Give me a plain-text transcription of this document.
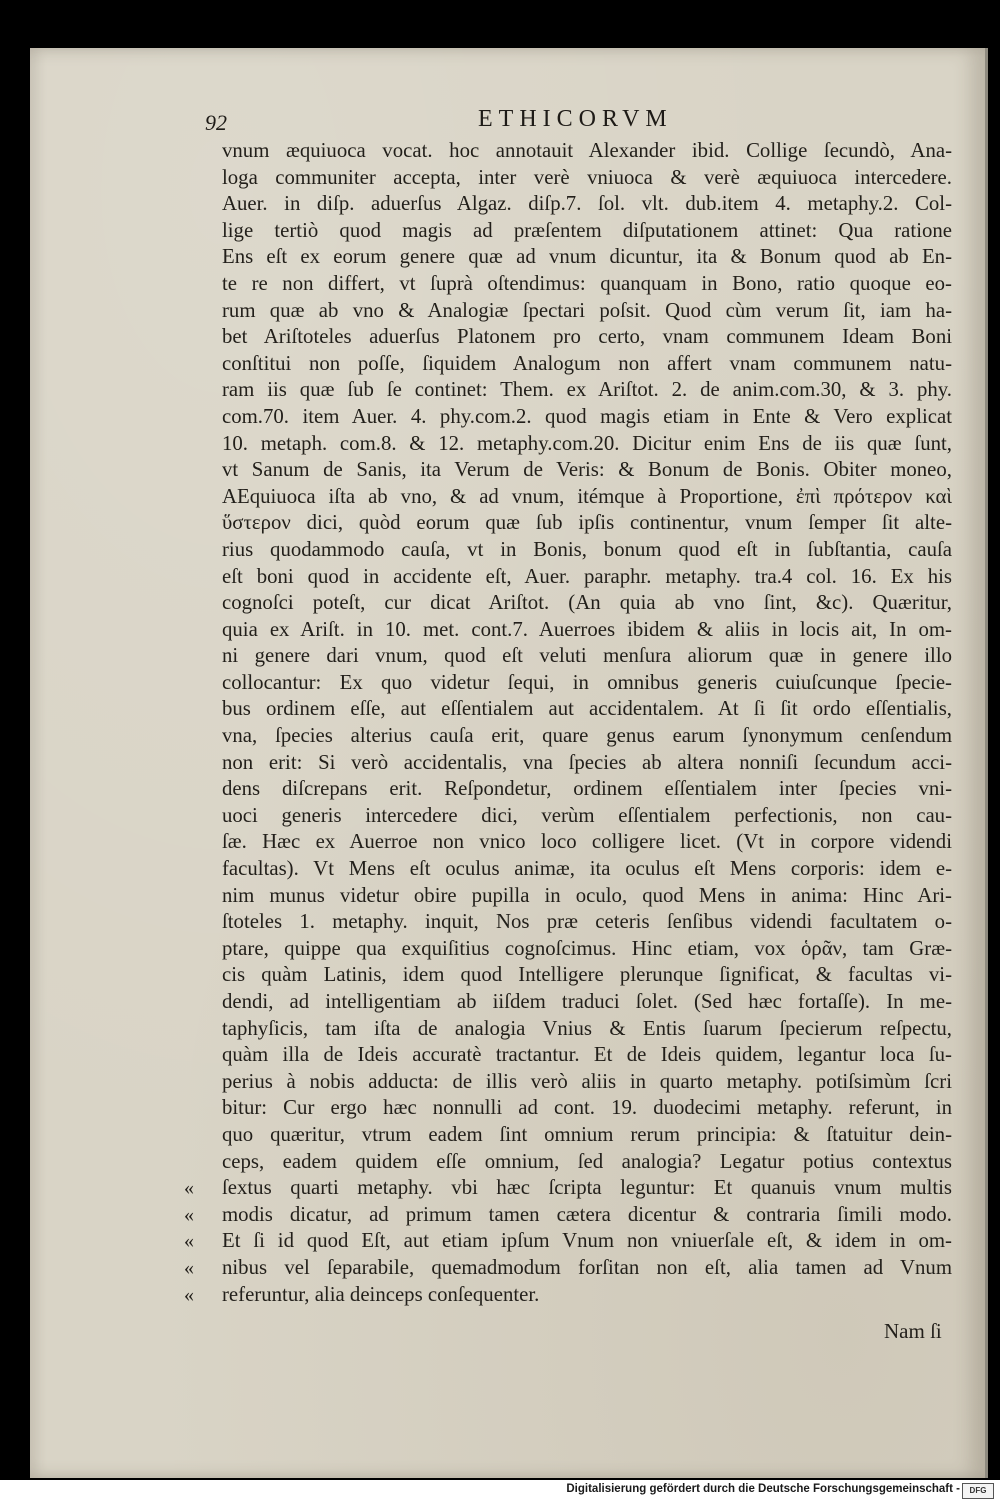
92	ETHICORVM
vnum æquiuoca vocat. hoc annotauit Alexander ibid. Collige ſecundò, Ana-
loga communiter accepta, inter verè vniuoca & verè æquiuoca intercedere.
Auer. in diſp. aduerſus Algaz. diſp.7. ſol. vlt. dub.item 4. metaphy.2. Col-
lige tertiò quod magis ad præſentem diſputationem attinet: Qua ratione
Ens eſt ex eorum genere quæ ad vnum dicuntur, ita & Bonum quod ab En-
te re non differt, vt ſuprà oſtendimus: quanquam in Bono, ratio quoque eo-
rum quæ ab vno & Analogiæ ſpectari poſsit. Quod cùm verum ſit, iam ha-
bet Ariſtoteles aduerſus Platonem pro certo, vnam communem Ideam Boni
conſtitui non poſſe, ſiquidem Analogum non affert vnam communem natu-
ram iis quæ ſub ſe continet: Them. ex Ariſtot. 2. de anim.com.30, & 3. phy.
com.70. item Auer. 4. phy.com.2. quod magis etiam in Ente & Vero explicat
10. metaph. com.8. & 12. metaphy.com.20. Dicitur enim Ens de iis quæ ſunt,
vt Sanum de Sanis, ita Verum de Veris: & Bonum de Bonis. Obiter moneo,
AEquiuoca iſta ab vno, & ad vnum, itémque à Proportione, ἐπὶ πρότερον καὶ
ὕστερον dici, quòd eorum quæ ſub ipſis continentur, vnum ſemper ſit alte-
rius quodammodo cauſa, vt in Bonis, bonum quod eſt in ſubſtantia, cauſa
eſt boni quod in accidente eſt, Auer. paraphr. metaphy. tra.4 col. 16. Ex his
cognoſci poteſt, cur dicat Ariſtot. (An quia ab vno ſint, &c). Quæritur,
quia ex Ariſt. in 10. met. cont.7. Auerroes ibidem & aliis in locis ait, In om-
ni genere dari vnum, quod eſt veluti menſura aliorum quæ in genere illo
collocantur: Ex quo videtur ſequi, in omnibus generis cuiuſcunque ſpecie-
bus ordinem eſſe, aut eſſentialem aut accidentalem. At ſi ſit ordo eſſentialis,
vna, ſpecies alterius cauſa erit, quare genus earum ſynonymum cenſendum
non erit: Si verò accidentalis, vna ſpecies ab altera nonniſi ſecundum acci-
dens diſcrepans erit. Reſpondetur, ordinem eſſentialem inter ſpecies vni-
uoci generis intercedere dici, verùm eſſentialem perfectionis, non cau-
ſæ. Hæc ex Auerroe non vnico loco colligere licet. (Vt in corpore videndi
facultas). Vt Mens eſt oculus animæ, ita oculus eſt Mens corporis: idem e-
nim munus videtur obire pupilla in oculo, quod Mens in anima: Hinc Ari-
ſtoteles 1. metaphy. inquit, Nos præ ceteris ſenſibus videndi facultatem o-
ptare, quippe qua exquiſitius cognoſcimus. Hinc etiam, vox ὁρᾶν, tam Græ-
cis quàm Latinis, idem quod Intelligere plerunque ſignificat, & facultas vi-
dendi, ad intelligentiam ab iiſdem traduci ſolet. (Sed hæc fortaſſe). In me-
taphyſicis, tam iſta de analogia Vnius & Entis ſuarum ſpecierum reſpectu,
quàm illa de Ideis accuratè tractantur. Et de Ideis quidem, legantur loca ſu-
perius à nobis adducta: de illis verò aliis in quarto metaphy. potiſsimùm ſcri
bitur: Cur ergo hæc nonnulli ad cont. 19. duodecimi metaphy. referunt, in
quo quæritur, vtrum eadem ſint omnium rerum principia: & ſtatuitur dein-
ceps, eadem quidem eſſe omnium, ſed analogia? Legatur potius contextus
« ſextus quarti metaphy. vbi hæc ſcripta leguntur: Et quanuis vnum multis
« modis dicatur, ad primum tamen cætera dicentur & contraria ſimili modo.
« Et ſi id quod Eſt, aut etiam ipſum Vnum non vniuerſale eſt, & idem in om-
« nibus vel ſeparabile, quemadmodum forſitan non eſt, alia tamen ad Vnum
« referuntur, alia deinceps conſequenter.
Nam ſi
Digitalisierung gefördert durch die Deutsche Forschungsgemeinschaft -	DFG
